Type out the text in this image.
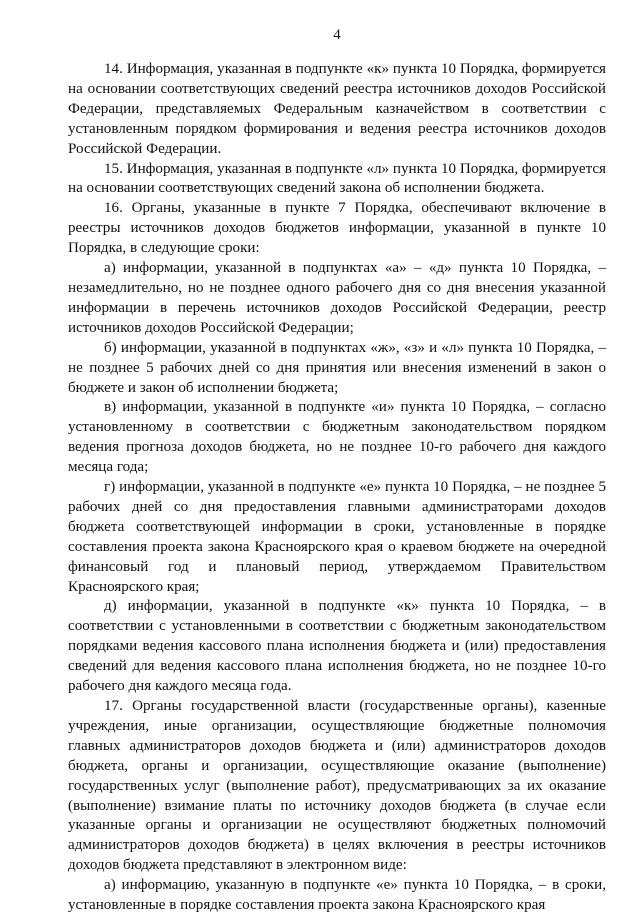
4

14. Информация, указанная в подпункте «к» пункта 10 Порядка, формируется на основании соответствующих сведений реестра источников доходов Российской Федерации, представляемых Федеральным казначейством в соответствии с установленным порядком формирования и ведения реестра источников доходов Российской Федерации.

15. Информация, указанная в подпункте «л» пункта 10 Порядка, формируется на основании соответствующих сведений закона об исполнении бюджета.

16. Органы, указанные в пункте 7 Порядка, обеспечивают включение в реестры источников доходов бюджетов информации, указанной в пункте 10 Порядка, в следующие сроки:

а) информации, указанной в подпунктах «а» – «д» пункта 10 Порядка, – незамедлительно, но не позднее одного рабочего дня со дня внесения указанной информации в перечень источников доходов Российской Федерации, реестр источников доходов Российской Федерации;

б) информации, указанной в подпунктах «ж», «з» и «л» пункта 10 Порядка, – не позднее 5 рабочих дней со дня принятия или внесения изменений в закон о бюджете и закон об исполнении бюджета;

в) информации, указанной в подпункте «и» пункта 10 Порядка, – согласно установленному в соответствии с бюджетным законодательством порядком ведения прогноза доходов бюджета, но не позднее 10-го рабочего дня каждого месяца года;

г) информации, указанной в подпункте «е» пункта 10 Порядка, – не позднее 5 рабочих дней со дня предоставления главными администраторами доходов бюджета соответствующей информации в сроки, установленные в порядке составления проекта закона Красноярского края о краевом бюджете на очередной финансовый год и плановый период, утверждаемом Правительством Красноярского края;

д) информации, указанной в подпункте «к» пункта 10 Порядка, – в соответствии с установленными в соответствии с бюджетным законодательством порядками ведения кассового плана исполнения бюджета и (или) предоставления сведений для ведения кассового плана исполнения бюджета, но не позднее 10-го рабочего дня каждого месяца года.

17. Органы государственной власти (государственные органы), казенные учреждения, иные организации, осуществляющие бюджетные полномочия главных администраторов доходов бюджета и (или) администраторов доходов бюджета, органы и организации, осуществляющие оказание (выполнение) государственных услуг (выполнение работ), предусматривающих за их оказание (выполнение) взимание платы по источнику доходов бюджета (в случае если указанные органы и организации не осуществляют бюджетных полномочий администраторов доходов бюджета) в целях включения в реестры источников доходов бюджета представляют в электронном виде:

а) информацию, указанную в подпункте «е» пункта 10 Порядка, – в сроки, установленные в порядке составления проекта закона Красноярского края
